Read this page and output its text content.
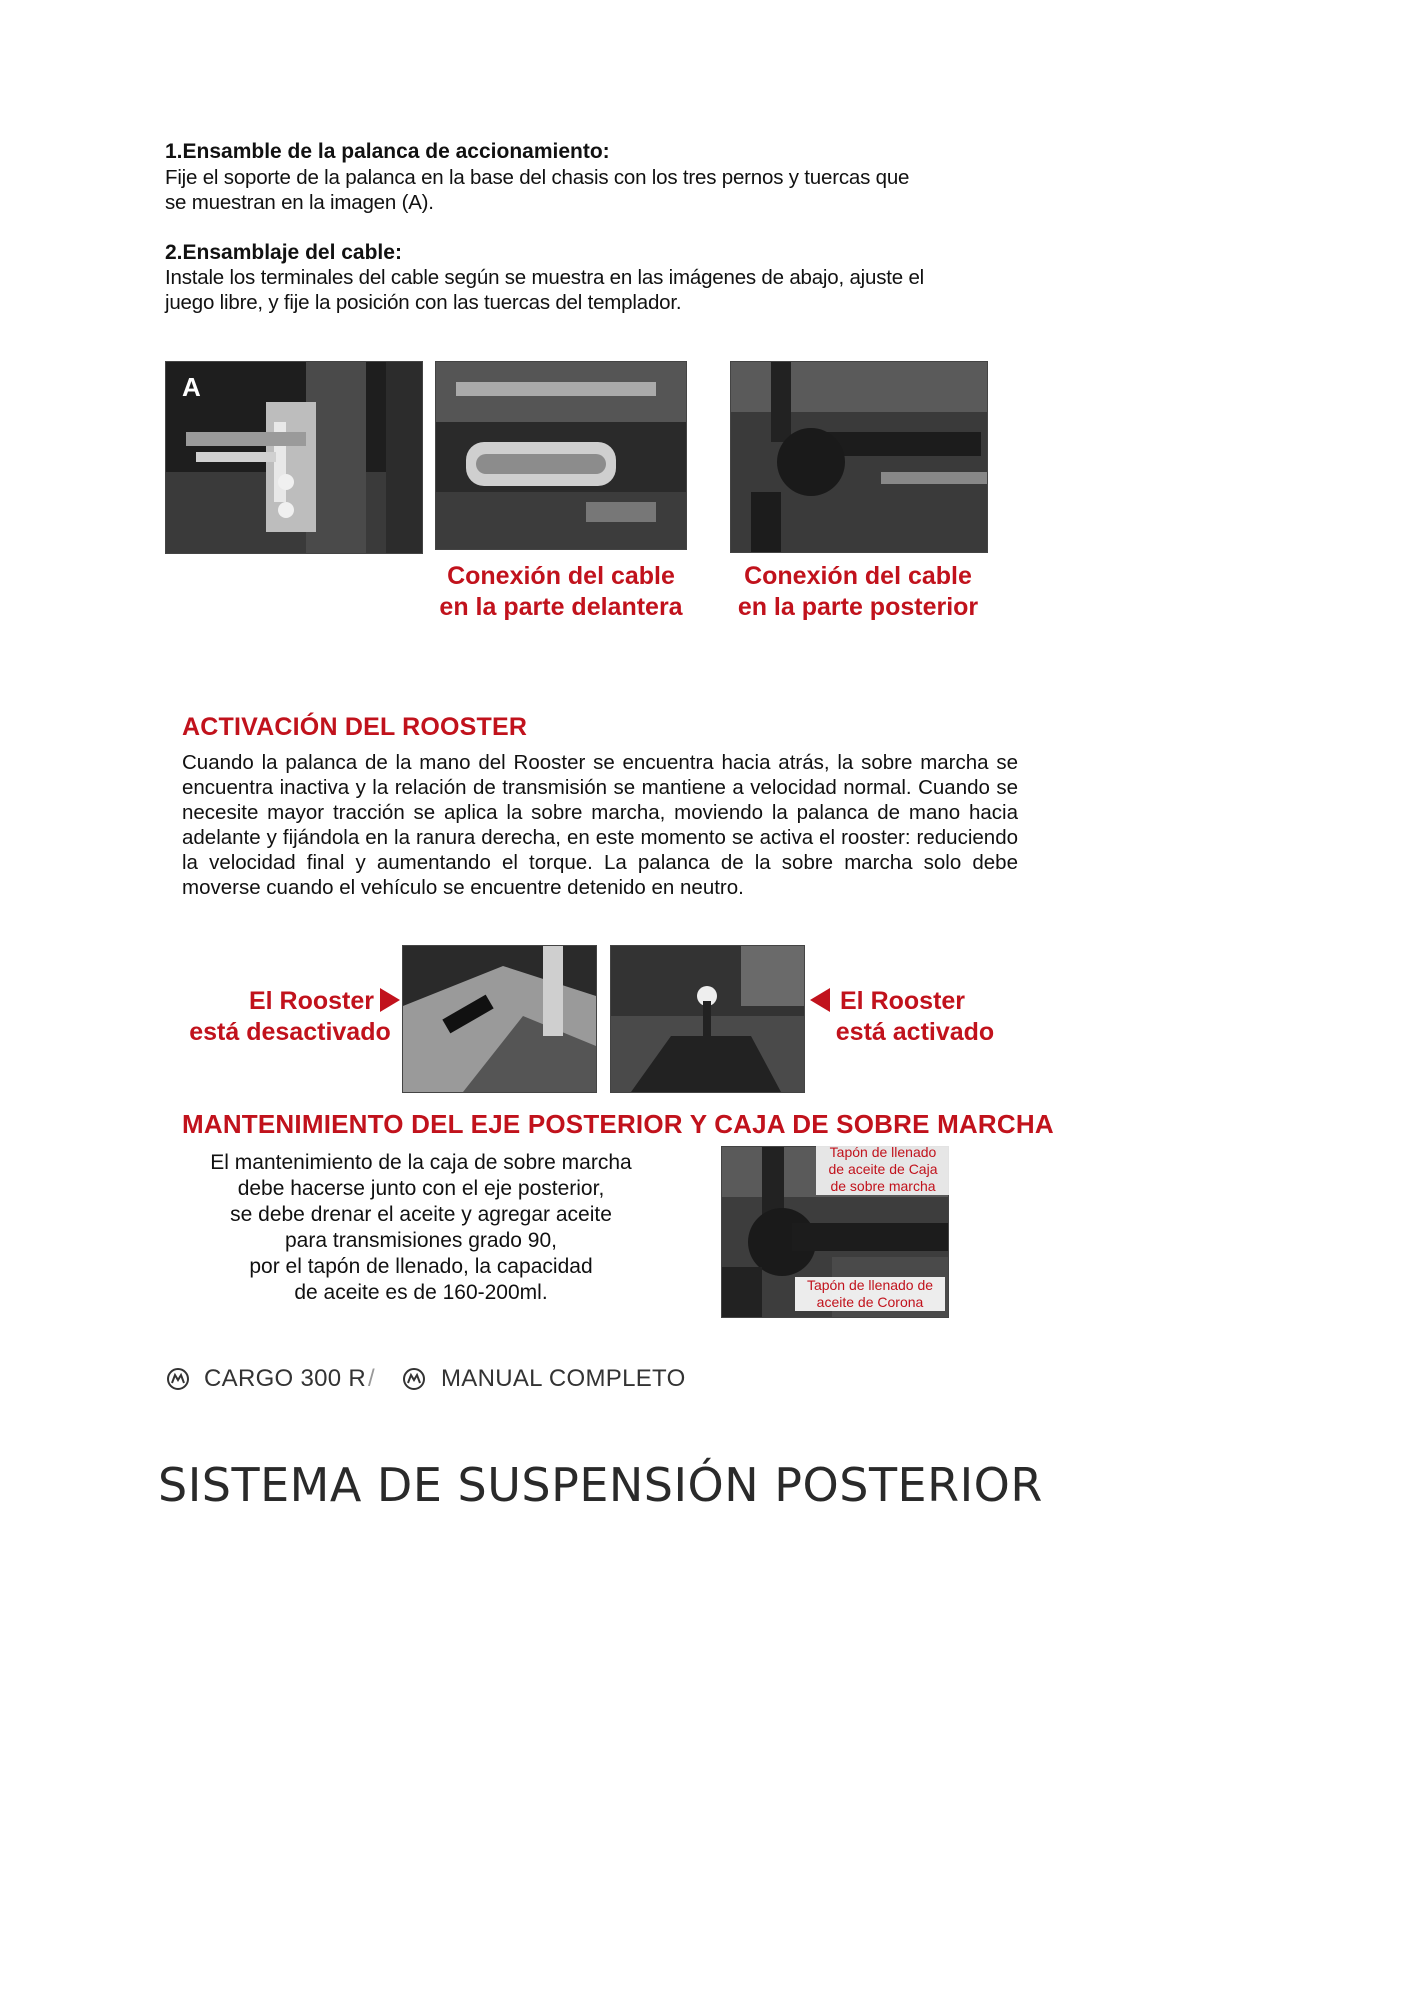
1.Ensamble de la palanca de accionamiento:
Fije el soporte de la palanca en la base del chasis con los tres pernos y tuercas que
se muestran en la imagen (A).
2.Ensamblaje del cable:
Instale los terminales del cable según se muestra en las imágenes de abajo, ajuste el
juego libre, y fije la posición con las tuercas del templador.
A
Conexión del cable
en la parte delantera
Conexión del cable
en la parte posterior
ACTIVACIÓN DEL ROOSTER
Cuando la palanca de la mano del Rooster se encuentra hacia atrás, la sobre marcha se encuentra inactiva y la relación de transmisión se mantiene a velocidad normal. Cuando se necesite mayor tracción se aplica la sobre marcha, moviendo la palanca de mano hacia adelante y fijándola en la ranura derecha, en este momento se activa el rooster: reduciendo la velocidad final y aumentando el torque. La palanca de la sobre marcha solo debe moverse cuando el vehículo se encuentre detenido en neutro.
El Rooster
está desactivado
El Rooster
está activado
MANTENIMIENTO DEL EJE POSTERIOR Y CAJA DE SOBRE MARCHA
El mantenimiento de la caja de sobre marcha
debe hacerse junto con el eje posterior,
se debe drenar el aceite y agregar aceite
para transmisiones grado 90,
por el tapón de llenado, la capacidad
de aceite es de 160-200ml.
Tapón de llenado
de aceite de Caja
de sobre marcha
Tapón de llenado de
aceite de Corona
CARGO 300 R /	MANUAL COMPLETO
SISTEMA DE SUSPENSIÓN POSTERIOR
